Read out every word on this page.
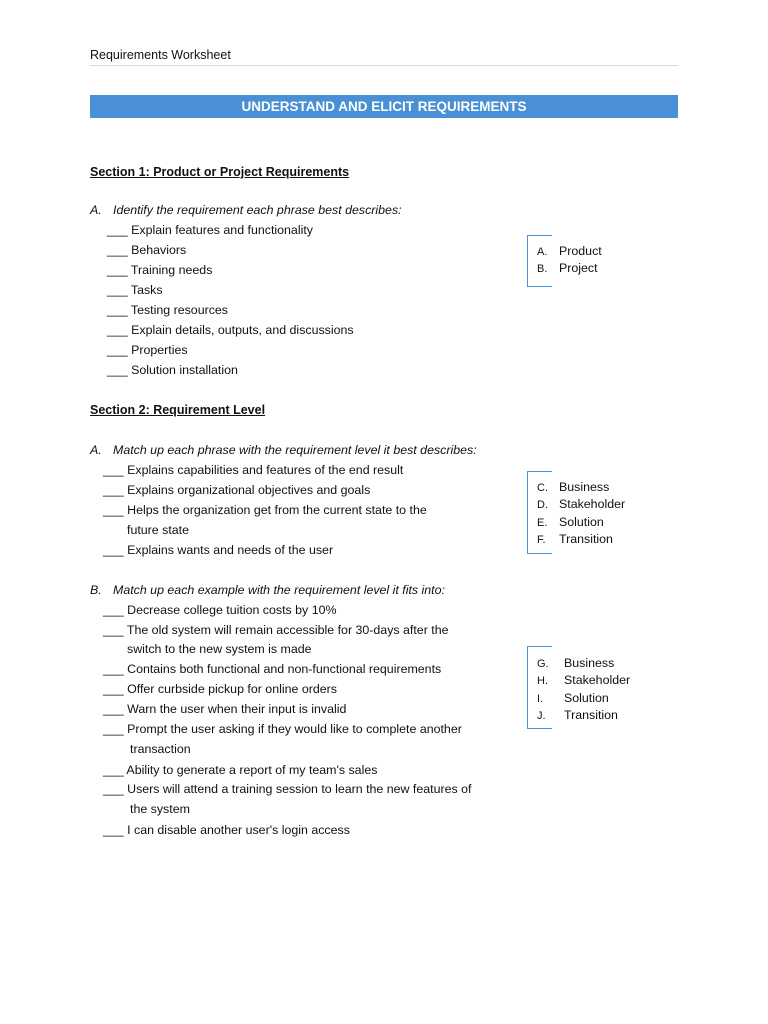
Requirements Worksheet
UNDERSTAND AND ELICIT REQUIREMENTS
Section 1: Product or Project Requirements
A. Identify the requirement each phrase best describes:
___ Explain features and functionality
___ Behaviors
___ Training needs
___ Tasks
___ Testing resources
___ Explain details, outputs, and discussions
___ Properties
___ Solution installation
A. Product
B. Project
Section 2: Requirement Level
A. Match up each phrase with the requirement level it best describes:
___ Explains capabilities and features of the end result
___ Explains organizational objectives and goals
___ Helps the organization get from the current state to the
future state
___ Explains wants and needs of the user
C. Business
D. Stakeholder
E. Solution
F. Transition
B. Match up each example with the requirement level it fits into:
___ Decrease college tuition costs by 10%
___ The old system will remain accessible for 30-days after the
switch to the new system is made
___ Contains both functional and non-functional requirements
___ Offer curbside pickup for online orders
___ Warn the user when their input is invalid
___ Prompt the user asking if they would like to complete another
transaction
___ Ability to generate a report of my team's sales
___ Users will attend a training session to learn the new features of
the system
___ I can disable another user's login access
G. Business
H. Stakeholder
I. Solution
J. Transition
